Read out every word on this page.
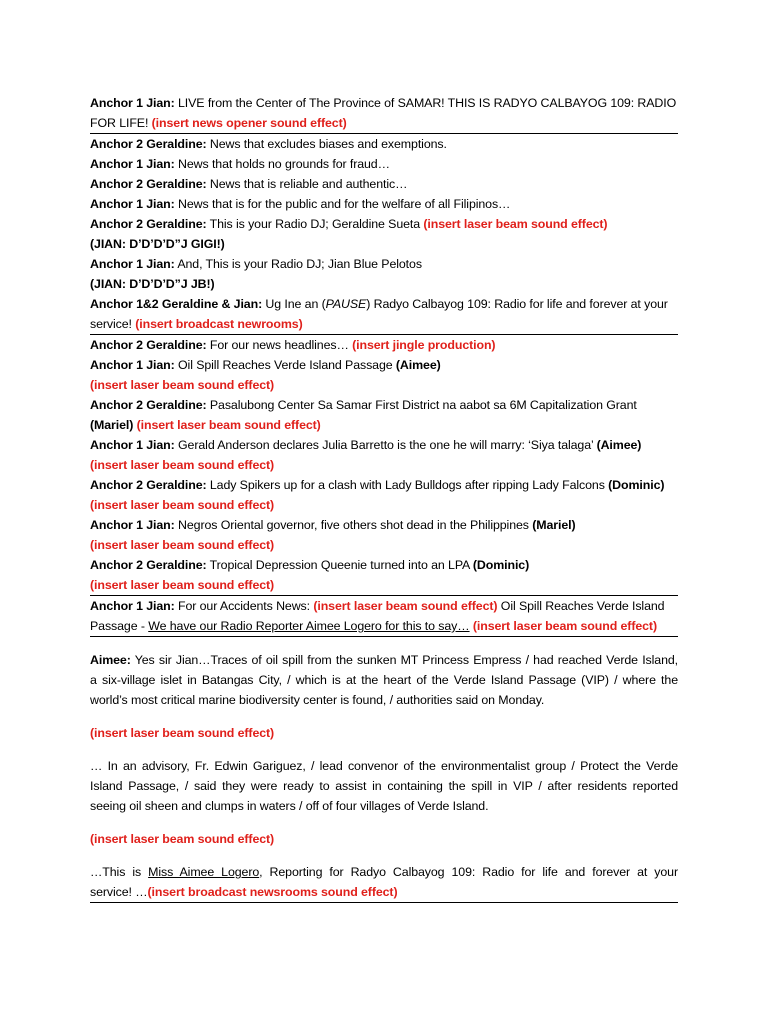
Anchor 1 Jian: LIVE from the Center of The Province of SAMAR! THIS IS RADYO CALBAYOG 109: RADIO
FOR LIFE! (insert news opener sound effect)
Anchor 2 Geraldine: News that excludes biases and exemptions.
Anchor 1 Jian: News that holds no grounds for fraud…
Anchor 2 Geraldine: News that is reliable and authentic…
Anchor 1 Jian: News that is for the public and for the welfare of all Filipinos…
Anchor 2 Geraldine: This is your Radio DJ; Geraldine Sueta (insert laser beam sound effect)
(JIAN: D’D’D’D”J GIGI!)
Anchor 1 Jian: And, This is your Radio DJ; Jian Blue Pelotos
(JIAN: D’D’D’D”J JB!)
Anchor 1&2 Geraldine & Jian: Ug Ine an (PAUSE) Radyo Calbayog 109: Radio for life and forever at your
service! (insert broadcast newrooms)
Anchor 2 Geraldine: For our news headlines… (insert jingle production)
Anchor 1 Jian: Oil Spill Reaches Verde Island Passage (Aimee)
(insert laser beam sound effect)
Anchor 2 Geraldine: Pasalubong Center Sa Samar First District na aabot sa 6M Capitalization Grant
(Mariel) (insert laser beam sound effect)
Anchor 1 Jian: Gerald Anderson declares Julia Barretto is the one he will marry: ‘Siya talaga’ (Aimee)
(insert laser beam sound effect)
Anchor 2 Geraldine: Lady Spikers up for a clash with Lady Bulldogs after ripping Lady Falcons (Dominic)
(insert laser beam sound effect)
Anchor 1 Jian: Negros Oriental governor, five others shot dead in the Philippines (Mariel)
(insert laser beam sound effect)
Anchor 2 Geraldine: Tropical Depression Queenie turned into an LPA (Dominic)
(insert laser beam sound effect)
Anchor 1 Jian: For our Accidents News: (insert laser beam sound effect) Oil Spill Reaches Verde Island
Passage - We have our Radio Reporter Aimee Logero for this to say… (insert laser beam sound effect)
Aimee: Yes sir Jian…Traces of oil spill from the sunken MT Princess Empress / had reached Verde Island,
a six-village islet in Batangas City, / which is at the heart of the Verde Island Passage (VIP) / where the
world’s most critical marine biodiversity center is found, / authorities said on Monday.
(insert laser beam sound effect)
… In an advisory, Fr. Edwin Gariguez, / lead convenor of the environmentalist group / Protect the Verde
Island Passage, / said they were ready to assist in containing the spill in VIP / after residents reported
seeing oil sheen and clumps in waters / off of four villages of Verde Island.
(insert laser beam sound effect)
…This is Miss Aimee Logero, Reporting for Radyo Calbayog 109: Radio for life and forever at your
service! …(insert broadcast newsrooms sound effect)
